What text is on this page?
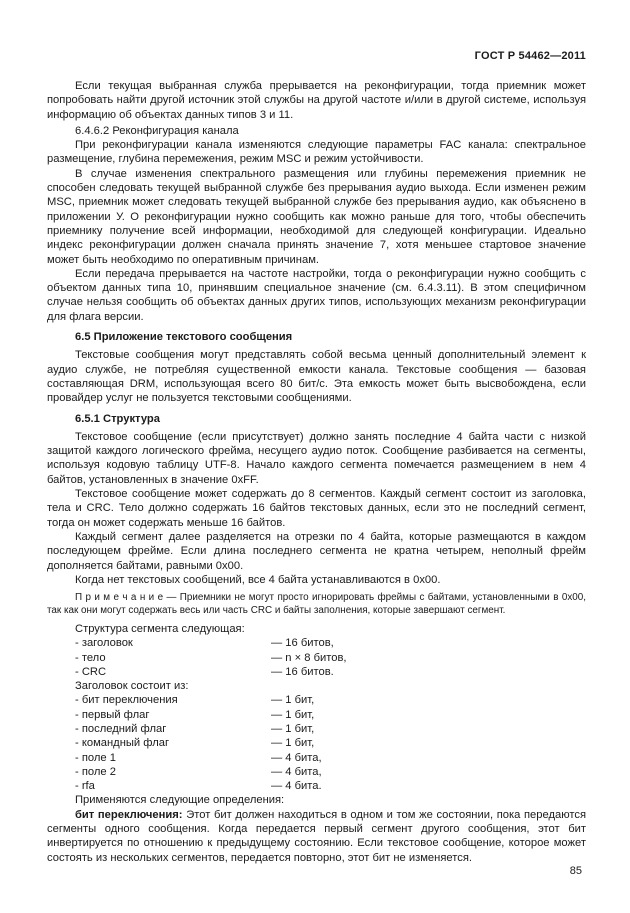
ГОСТ Р 54462—2011

Если текущая выбранная служба прерывается на реконфигурации, тогда приемник может попробовать найти другой источник этой службы на другой частоте и/или в другой системе, используя информацию об объектах данных типов 3 и 11.

6.4.6.2 Реконфигурация канала

При реконфигурации канала изменяются следующие параметры FAC канала: спектральное размещение, глубина перемежения, режим MSC и режим устойчивости.

В случае изменения спектрального размещения или глубины перемежения приемник не способен следовать текущей выбранной службе без прерывания аудио выхода. Если изменен режим MSC, приемник может следовать текущей выбранной службе без прерывания аудио, как объяснено в приложении У. О реконфигурации нужно сообщить как можно раньше для того, чтобы обеспечить приемнику получение всей информации, необходимой для следующей конфигурации. Идеально индекс реконфигурации должен сначала принять значение 7, хотя меньшее стартовое значение может быть необходимо по оперативным причинам.

Если передача прерывается на частоте настройки, тогда о реконфигурации нужно сообщить с объектом данных типа 10, принявшим специальное значение (см. 6.4.3.11). В этом специфичном случае нельзя сообщить об объектах данных других типов, использующих механизм реконфигурации для флага версии.

6.5 Приложение текстового сообщения

Текстовые сообщения могут представлять собой весьма ценный дополнительный элемент к аудио службе, не потребляя существенной емкости канала. Текстовые сообщения — базовая составляющая DRM, использующая всего 80 бит/с. Эта емкость может быть высвобождена, если провайдер услуг не пользуется текстовыми сообщениями.

6.5.1 Структура

Текстовое сообщение (если присутствует) должно занять последние 4 байта части с низкой защитой каждого логического фрейма, несущего аудио поток. Сообщение разбивается на сегменты, используя кодовую таблицу UTF-8. Начало каждого сегмента помечается размещением в нем 4 байтов, установленных в значение 0xFF.

Текстовое сообщение может содержать до 8 сегментов. Каждый сегмент состоит из заголовка, тела и CRC. Тело должно содержать 16 байтов текстовых данных, если это не последний сегмент, тогда он может содержать меньше 16 байтов.

Каждый сегмент далее разделяется на отрезки по 4 байта, которые размещаются в каждом последующем фрейме. Если длина последнего сегмента не кратна четырем, неполный фрейм дополняется байтами, равными 0x00.

Когда нет текстовых сообщений, все 4 байта устанавливаются в 0x00.

П р и м е ч а н и е — Приемники не могут просто игнорировать фреймы с байтами, установленными в 0x00, так как они могут содержать весь или часть CRC и байты заполнения, которые завершают сегмент.

Структура сегмента следующая:

- заголовок	— 16 битов,
- тело	— n × 8 битов,
- CRC	— 16 битов.

Заголовок состоит из:

- бит переключения	— 1 бит,
- первый флаг	— 1 бит,
- последний флаг	— 1 бит,
- командный флаг	— 1 бит,
- поле 1	— 4 бита,
- поле 2	— 4 бита,
- rfa	— 4 бита.

Применяются следующие определения:

бит переключения: Этот бит должен находиться в одном и том же состоянии, пока передаются сегменты одного сообщения. Когда передается первый сегмент другого сообщения, этот бит инвертируется по отношению к предыдущему состоянию. Если текстовое сообщение, которое может состоять из нескольких сегментов, передается повторно, этот бит не изменяется.

85
